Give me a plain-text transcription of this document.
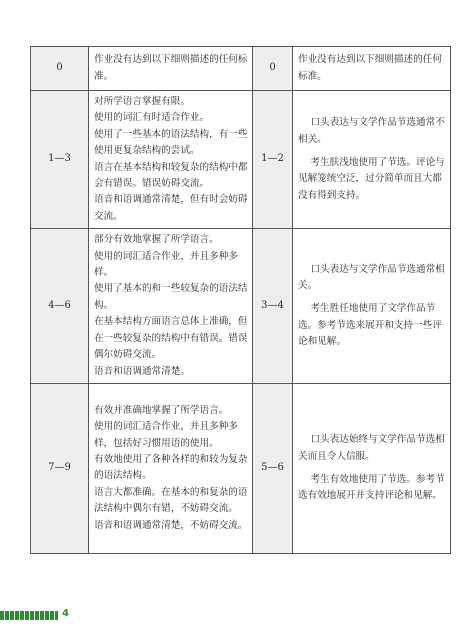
0	作业没有达到以下细则描述的任何标准。	0	作业没有达到以下细则描述的任何标准。

1—3	对所学语言掌握有限。
使用的词汇有时适合作业。
使用了一些基本的语法结构，有一些使用更复杂结构的尝试。
语言在基本结构和较复杂的结构中都会有错误。错误妨碍交流。
语音和语调通常清楚，但有时会妨碍交流。	1—2	口头表达与文学作品节选通常不相关。
考生肤浅地使用了节选。评论与见解笼统空泛，过分简单而且大都没有得到支持。

4—6	部分有效地掌握了所学语言。
使用的词汇适合作业，并且多种多样。
使用了基本的和一些较复杂的语法结构。
在基本结构方面语言总体上准确，但在一些较复杂的结构中有错误。错误偶尔妨碍交流。
语音和语调通常清楚。	3—4	口头表达与文学作品节选通常相关。
考生胜任地使用了文学作品节选。参考节选来展开和支持一些评论和见解。

7—9	有效并准确地掌握了所学语言。
使用的词汇适合作业，并且多种多样，包括好习惯用语的使用。
有效地使用了各种各样的和较为复杂的语法结构。
语言大都准确。在基本的和复杂的语法结构中偶尔有错，不妨碍交流。
语音和语调通常清楚，不妨碍交流。	5—6	口头表达始终与文学作品节选相关而且令人信服。
考生有效地使用了节选。参考节选有效地展开并支持评论和见解。
4
